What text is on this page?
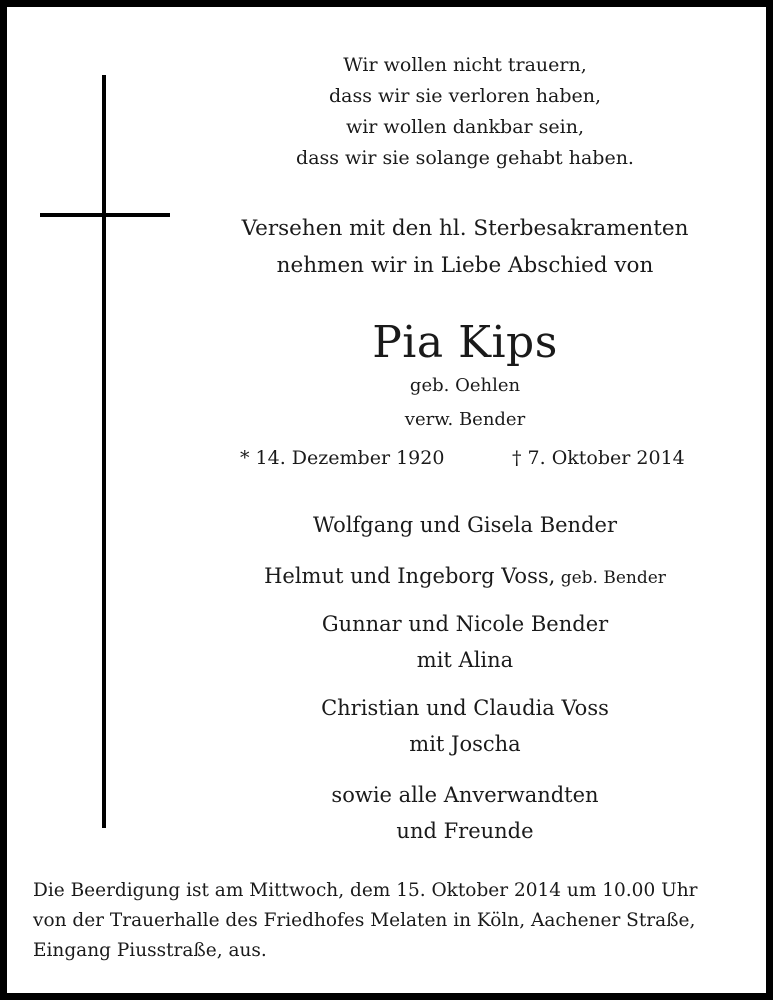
Wir wollen nicht trauern,
dass wir sie verloren haben,
wir wollen dankbar sein,
dass wir sie solange gehabt haben.
Versehen mit den hl. Sterbesakramenten
nehmen wir in Liebe Abschied von
Pia Kips
geb. Oehlen
verw. Bender
* 14. Dezember 1920	† 7. Oktober 2014
Wolfgang und Gisela Bender
Helmut und Ingeborg Voss, geb. Bender
Gunnar und Nicole Bender
mit Alina
Christian und Claudia Voss
mit Joscha
sowie alle Anverwandten
und Freunde
Die Beerdigung ist am Mittwoch, dem 15. Oktober 2014 um 10.00 Uhr
von der Trauerhalle des Friedhofes Melaten in Köln, Aachener Straße,
Eingang Piusstraße, aus.
